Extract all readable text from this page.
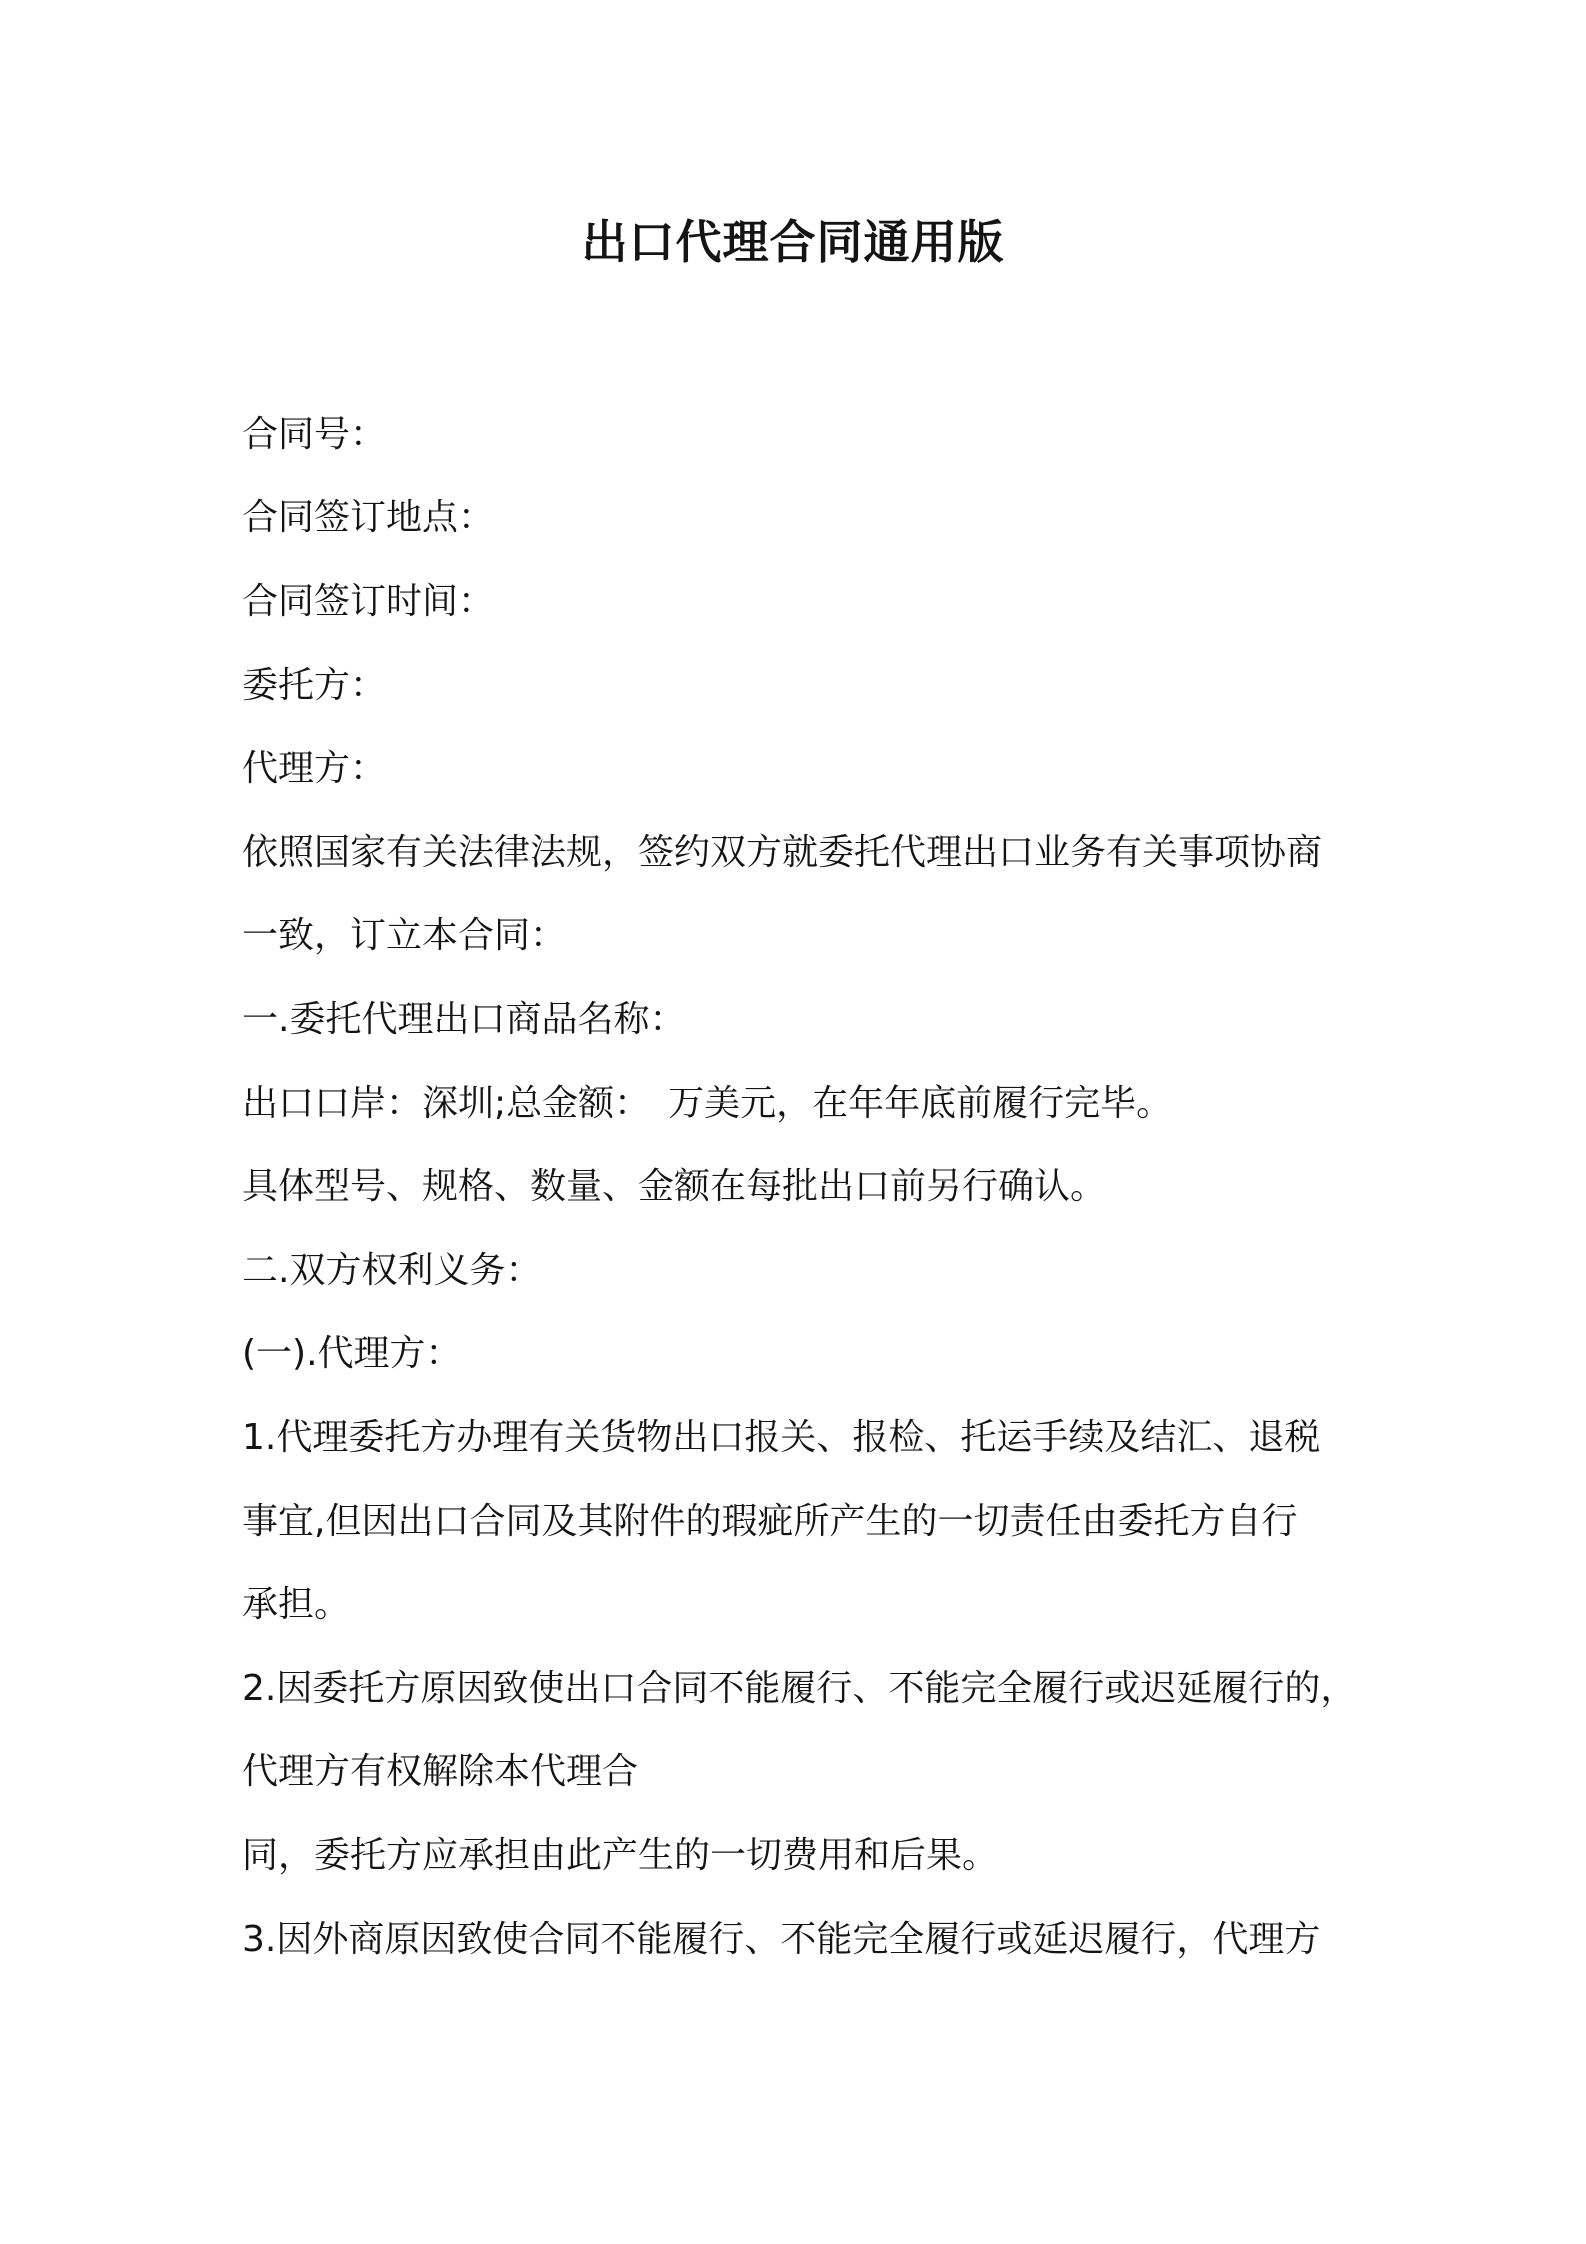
出口代理合同通用版

合同号：

合同签订地点：

合同签订时间：

委托方：

代理方：

依照国家有关法律法规，签约双方就委托代理出口业务有关事项协商

一致，订立本合同：

一.委托代理出口商品名称：

出口口岸：深圳;总金额：　万美元，在年年底前履行完毕。

具体型号、规格、数量、金额在每批出口前另行确认。

二.双方权利义务：

(一).代理方：

1.代理委托方办理有关货物出口报关、报检、托运手续及结汇、退税

事宜,但因出口合同及其附件的瑕疵所产生的一切责任由委托方自行

承担。

2.因委托方原因致使出口合同不能履行、不能完全履行或迟延履行的，

代理方有权解除本代理合

同，委托方应承担由此产生的一切费用和后果。

3.因外商原因致使合同不能履行、不能完全履行或延迟履行，代理方
